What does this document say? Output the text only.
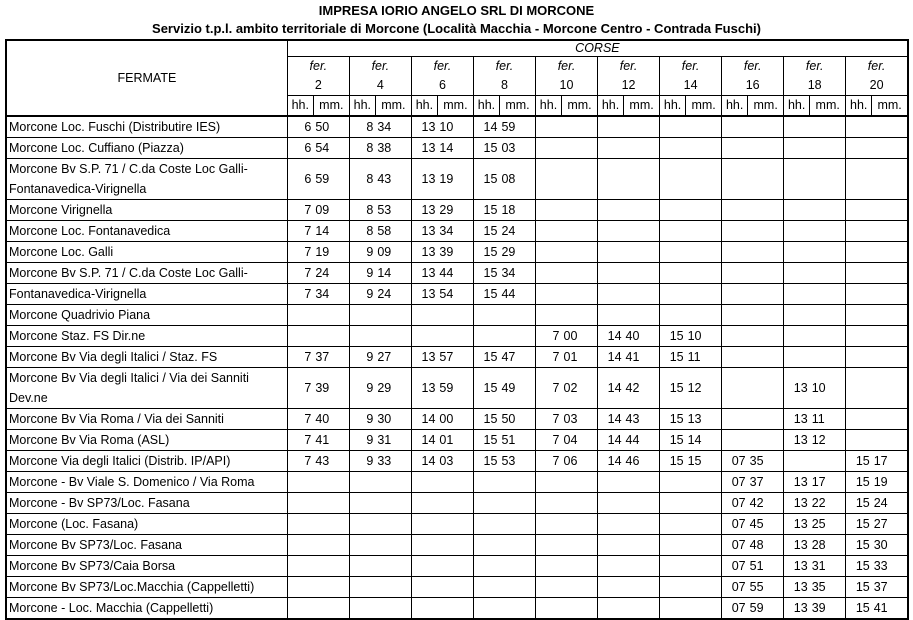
IMPRESA IORIO ANGELO SRL DI MORCONE
Servizio t.p.l. ambito territoriale di Morcone (Località Macchia - Morcone Centro - Contrada Fuschi)
FERMATE	CORSE																			
	fer.		fer.		fer.		fer.		fer.		fer.		fer.		fer.		fer.		fer.	
	2		4		6		8		10		12		14		16		18		20	
	hh.	mm.	hh.	mm.	hh.	mm.	hh.	mm.	hh.	mm.	hh.	mm.	hh.	mm.	hh.	mm.	hh.	mm.	hh.	mm.
Morcone Loc. Fuschi (Distributire IES)	6	50	8	34	13	10	14	59												
Morcone Loc. Cuffiano (Piazza)	6	54	8	38	13	14	15	03												
Morcone Bv S.P. 71 / C.da Coste Loc Galli-Fontanavedica-Virignella	6	59	8	43	13	19	15	08												
Morcone Virignella	7	09	8	53	13	29	15	18												
Morcone Loc. Fontanavedica	7	14	8	58	13	34	15	24												
Morcone Loc. Galli	7	19	9	09	13	39	15	29												
Morcone Bv S.P. 71 / C.da Coste Loc Galli-	7	24	9	14	13	44	15	34												
Fontanavedica-Virignella	7	34	9	24	13	54	15	44												
Morcone Quadrivio Piana																				
Morcone Staz. FS Dir.ne									7	00	14	40	15	10						
Morcone Bv Via degli Italici / Staz. FS	7	37	9	27	13	57	15	47	7	01	14	41	15	11						
Morcone Bv Via degli Italici / Via dei Sanniti Dev.ne	7	39	9	29	13	59	15	49	7	02	14	42	15	12			13	10		
Morcone Bv Via Roma / Via dei Sanniti	7	40	9	30	14	00	15	50	7	03	14	43	15	13			13	11		
Morcone Bv Via Roma (ASL)	7	41	9	31	14	01	15	51	7	04	14	44	15	14			13	12		
Morcone Via degli Italici (Distrib. IP/API)	7	43	9	33	14	03	15	53	7	06	14	46	15	15	07	35			15	17
Morcone - Bv Viale S. Domenico / Via Roma															07	37	13	17	15	19
Morcone - Bv SP73/Loc. Fasana															07	42	13	22	15	24
Morcone (Loc. Fasana)															07	45	13	25	15	27
Morcone Bv SP73/Loc. Fasana															07	48	13	28	15	30
Morcone Bv SP73/Caia Borsa															07	51	13	31	15	33
Morcone Bv SP73/Loc.Macchia (Cappelletti)															07	55	13	35	15	37
Morcone - Loc. Macchia (Cappelletti)															07	59	13	39	15	41
